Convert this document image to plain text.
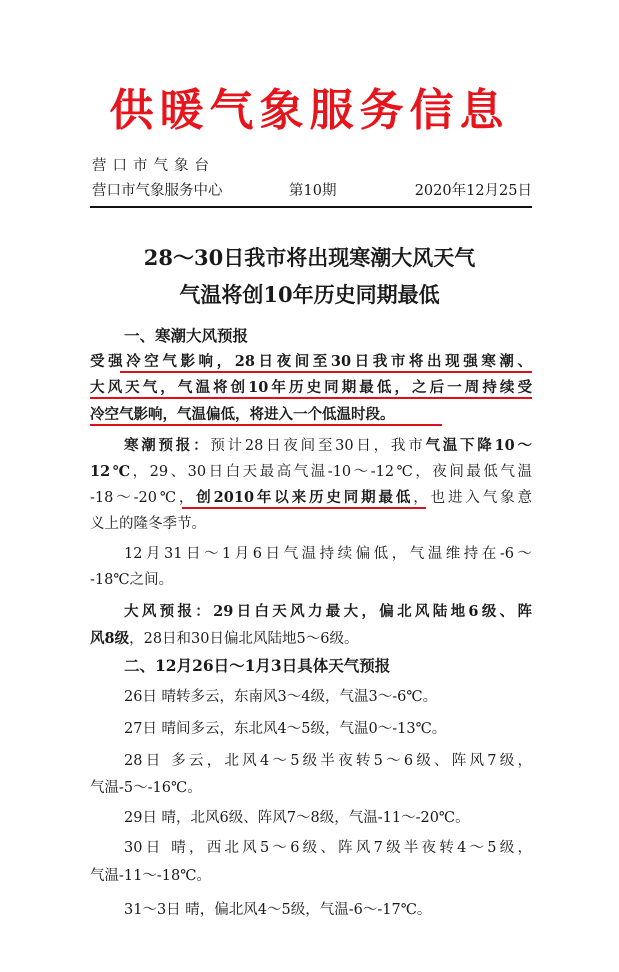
供暖气象服务信息
营口市气象台
营口市气象服务中心	第10期	2020年12月25日
28～30日我市将出现寒潮大风天气
气温将创10年历史同期最低
一、寒潮大风预报
受强冷空气影响，28日夜间至30日我市将出现强寒潮、
大风天气，气温将创10年历史同期最低，之后一周持续受
冷空气影响，气温偏低，将进入一个低温时段。
寒潮预报：预计28日夜间至30日，我市气温下降10～
12℃，29、30日白天最高气温-10～-12℃，夜间最低气温
-18～-20℃，创2010年以来历史同期最低，也进入气象意
义上的隆冬季节。
12月31日～1月6日气温持续偏低，气温维持在-6～
-18℃之间。
大风预报：29日白天风力最大，偏北风陆地6级、阵
风8级，28日和30日偏北风陆地5～6级。
二、12月26日～1月3日具体天气预报
26日 晴转多云，东南风3～4级，气温3～-6℃。
27日 晴间多云，东北风4～5级，气温0～-13℃。
28日 多云，北风4～5级半夜转5～6级、阵风7级，
气温-5～-16℃。
29日 晴，北风6级、阵风7～8级，气温-11～-20℃。
30日 晴，西北风5～6级、阵风7级半夜转4～5级，
气温-11～-18℃。
31～3日 晴，偏北风4～5级，气温-6～-17℃。
